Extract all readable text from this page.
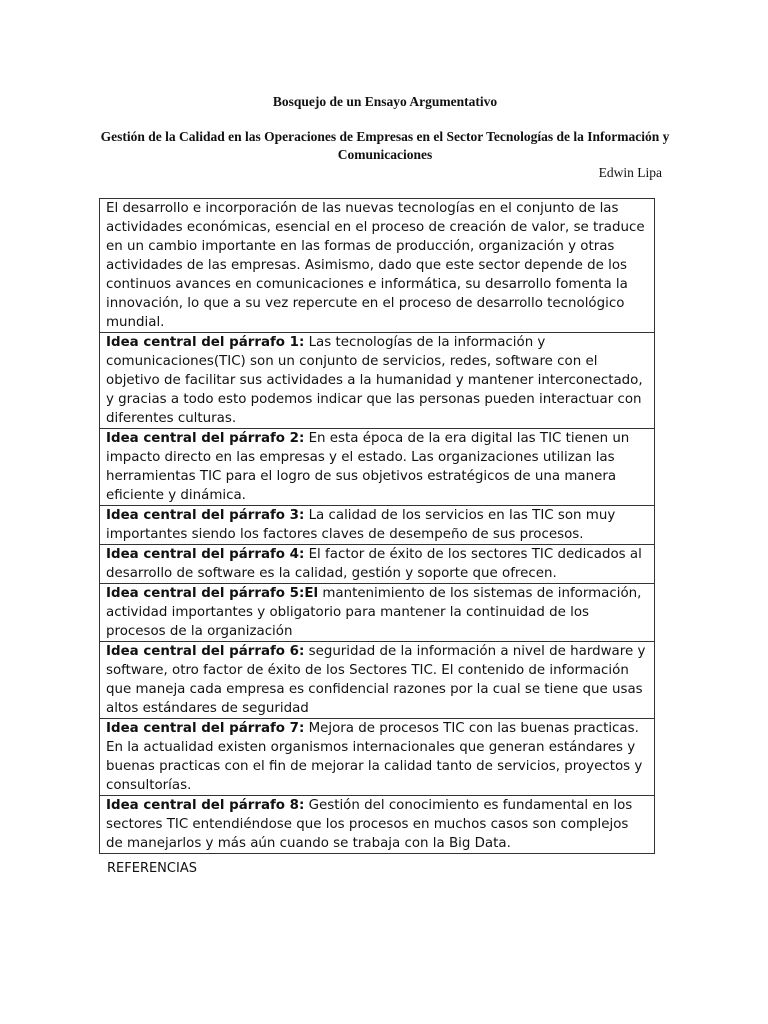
Bosquejo de un Ensayo Argumentativo
Gestión de la Calidad en las Operaciones de Empresas en el Sector Tecnologías de la Información y Comunicaciones
Edwin Lipa
El desarrollo e incorporación de las nuevas tecnologías en el conjunto de las actividades económicas, esencial en el proceso de creación de valor, se traduce en un cambio importante en las formas de producción, organización y otras actividades de las empresas. Asimismo, dado que este sector depende de los continuos avances en comunicaciones e informática, su desarrollo fomenta la innovación, lo que a su vez repercute en el proceso de desarrollo tecnológico mundial.
Idea central del párrafo 1: Las tecnologías de la información y comunicaciones(TIC) son un conjunto de servicios, redes, software con el objetivo de facilitar sus actividades a la humanidad y mantener interconectado, y gracias a todo esto podemos indicar que las personas pueden interactuar con diferentes culturas.
Idea central del párrafo 2: En esta época de la era digital las TIC tienen un impacto directo en las empresas y el estado. Las organizaciones utilizan las herramientas TIC para el logro de sus objetivos estratégicos de una manera eficiente y dinámica.
Idea central del párrafo 3: La calidad de los servicios en las TIC son muy importantes siendo los factores claves de desempeño de sus procesos.
Idea central del párrafo 4: El factor de éxito de los sectores TIC dedicados al desarrollo de software es la calidad, gestión y soporte que ofrecen.
Idea central del párrafo 5:El mantenimiento de los sistemas de información, actividad importantes y obligatorio para mantener la continuidad de los procesos de la organización
Idea central del párrafo 6: seguridad de la información a nivel de hardware y software, otro factor de éxito de los Sectores TIC. El contenido de información que maneja cada empresa es confidencial razones por la cual se tiene que usas altos estándares de seguridad
Idea central del párrafo 7: Mejora de procesos TIC con las buenas practicas. En la actualidad existen organismos internacionales que generan estándares y buenas practicas con el fin de mejorar la calidad tanto de servicios, proyectos y consultorías.
Idea central del párrafo 8: Gestión del conocimiento es fundamental en los sectores TIC entendiéndose que los procesos en muchos casos son complejos de manejarlos y más aún cuando se trabaja con la Big Data.
REFERENCIAS
